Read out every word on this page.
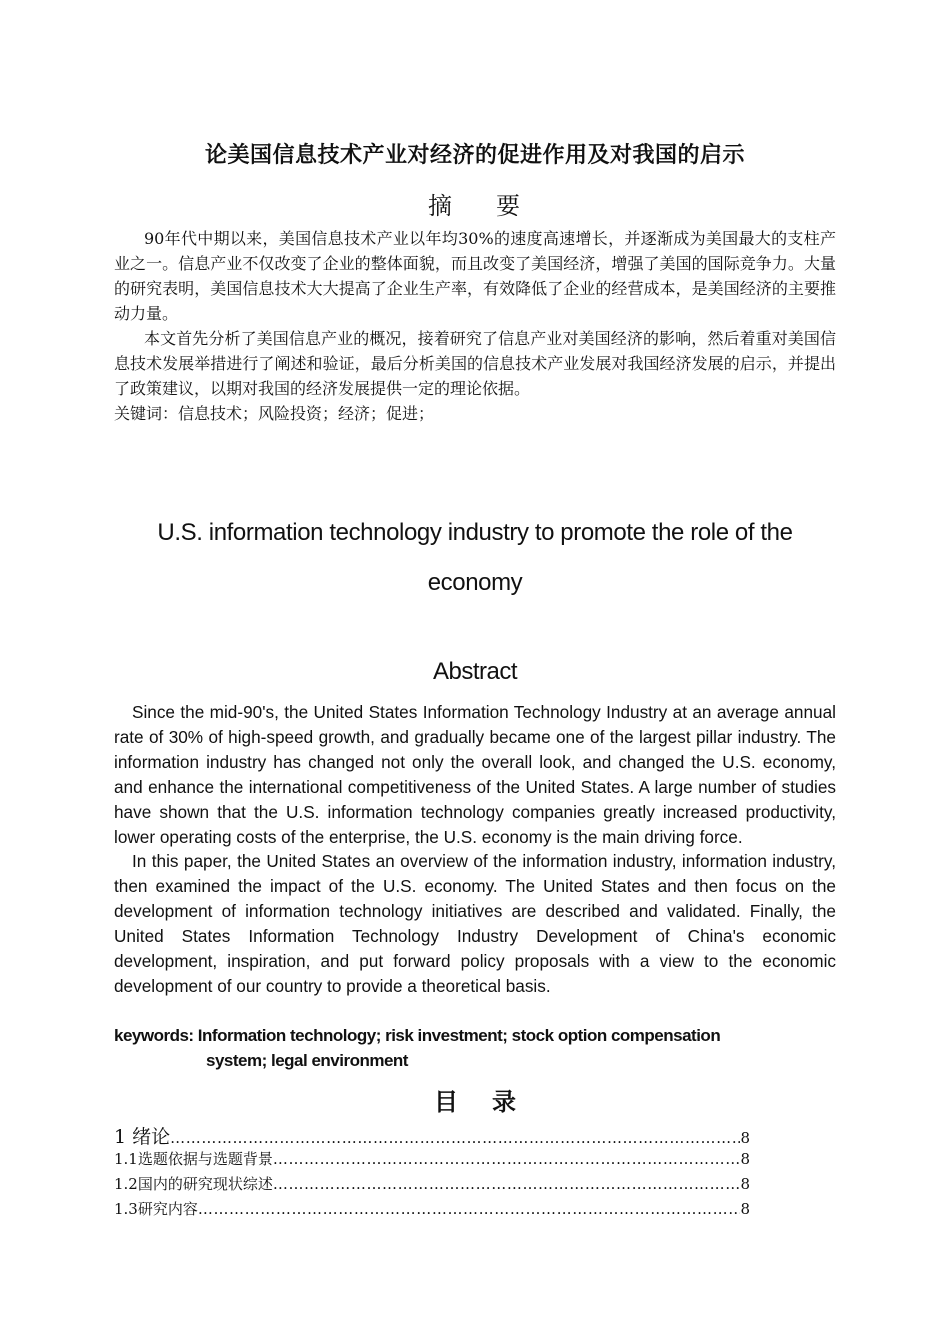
论美国信息技术产业对经济的促进作用及对我国的启示
摘 要

90年代中期以来，美国信息技术产业以年均30%的速度高速增长，并逐渐成为美国最大的支柱产业之一。信息产业不仅改变了企业的整体面貌，而且改变了美国经济，增强了美国的国际竞争力。大量的研究表明，美国信息技术大大提高了企业生产率，有效降低了企业的经营成本，是美国经济的主要推动力量。

本文首先分析了美国信息产业的概况，接着研究了信息产业对美国经济的影响，然后着重对美国信息技术发展举措进行了阐述和验证，最后分析美国的信息技术产业发展对我国经济发展的启示，并提出了政策建议，以期对我国的经济发展提供一定的理论依据。

关键词：信息技术；风险投资；经济；促进；

U.S. information technology industry to promote the role of the
economy
Abstract

Since the mid-90's, the United States Information Technology Industry at an average annual rate of 30% of high-speed growth, and gradually became one of the largest pillar industry. The information industry has changed not only the overall look, and changed the U.S. economy, and enhance the international competitiveness of the United States. A large number of studies have shown that the U.S. information technology companies greatly increased productivity, lower operating costs of the enterprise, the U.S. economy is the main driving force.

In this paper, the United States an overview of the information industry, information industry, then examined the impact of the U.S. economy. The United States and then focus on the development of information technology initiatives are described and validated. Finally, the United States Information Technology Industry Development of China's economic development, inspiration, and put forward policy proposals with a view to the economic development of our country to provide a theoretical basis.

keywords: Information technology; risk investment; stock option compensation
system; legal environment
目 录
1 绪论 …………………………………………………………………………………………………………………………………………………………………………………	8
1.1选题依据与选题背景 …………………………………………………………………………………………………………………………………………………………………………………	8
1.2国内的研究现状综述 …………………………………………………………………………………………………………………………………………………………………………………	8
1.3研究内容 …………………………………………………………………………………………………………………………………………………………………………………	8
